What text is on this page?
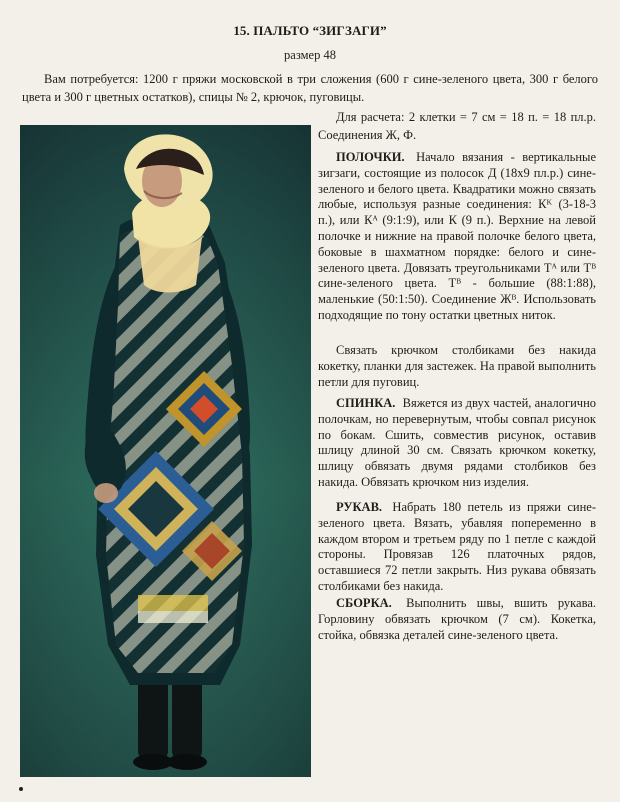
15. ПАЛЬТО “ЗИГЗАГИ”
размер 48
Вам потребуется: 1200 г пряжи московской в три сложения (600 г сине-зеленого цвета, 300 г белого цвета и 300 г цветных остатков), спицы № 2, крючок, пуговицы.
Для расчета: 2 клетки = 7 см = 18 п. = 18 пл.р. Соединения Ж, Ф.

ПОЛОЧКИ. Начало вязания - вертикальные зигзаги, состоящие из полосок Д (18х9 пл.р.) сине-зеленого и белого цвета. Квадратики можно связать любые, используя разные соединения: Кᴷ (3-18-3 п.), или Кᴬ (9:1:9), или К (9 п.). Верхние на левой полочке и нижние на правой полочке белого цвета, боковые в шахматном порядке: белого и сине-зеленого цвета. Довязать треугольниками Тᴬ или Тᴮ сине-зеленого цвета. Тᴮ - большие (88:1:88), маленькие (50:1:50). Соединение Жᴮ. Использовать подходящие по тону остатки цветных ниток.

Связать крючком столбиками без накида кокетку, планки для застежек. На правой выполнить петли для пуговиц.

СПИНКА. Вяжется из двух частей, аналогично полочкам, но перевернутым, чтобы совпал рисунок по бокам. Сшить, совместив рисунок, оставив шлицу длиной 30 см. Связать крючком кокетку, шлицу обвязать двумя рядами столбиков без накида. Обвязать крючком низ изделия.

РУКАВ. Набрать 180 петель из пряжи сине-зеленого цвета. Вязать, убавляя попеременно в каждом втором и третьем ряду по 1 петле с каждой стороны. Провязав 126 платочных рядов, оставшиеся 72 петли закрыть. Низ рукава обвязать столбиками без накида.

СБОРКА. Выполнить швы, вшить рукава. Горловину обвязать крючком (7 см). Кокетка, стойка, обвязка деталей сине-зеленого цвета.
